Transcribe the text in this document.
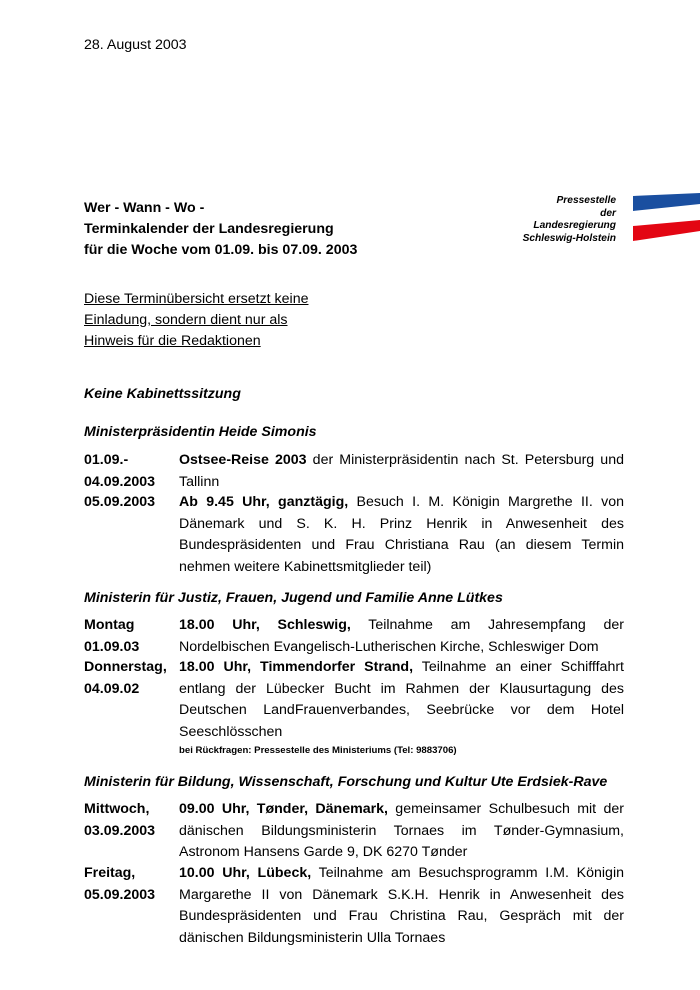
28. August 2003
Wer - Wann - Wo -
Terminkalender der Landesregierung
für die Woche vom 01.09. bis 07.09. 2003
Pressestelle
der
Landesregierung
Schleswig-Holstein
Diese Terminübersicht ersetzt keine
Einladung, sondern dient nur als
Hinweis für die Redaktionen
Keine Kabinettssitzung
Ministerpräsidentin Heide Simonis
01.09.-
04.09.2003
Ostsee-Reise 2003 der Ministerpräsidentin nach St. Petersburg und Tallinn
05.09.2003 Ab 9.45 Uhr, ganztägig, Besuch I. M. Königin Margrethe II. von Dänemark und S. K. H. Prinz Henrik in Anwesenheit des Bundespräsidenten und Frau Christiana Rau (an diesem Termin nehmen weitere Kabinettsmitglieder teil)
Ministerin für Justiz, Frauen, Jugend und Familie Anne Lütkes
Montag
01.09.03
18.00 Uhr, Schleswig, Teilnahme am Jahresempfang der Nordelbischen Evangelisch-Lutherischen Kirche, Schleswiger Dom
Donnerstag,
04.09.02
18.00 Uhr, Timmendorfer Strand, Teilnahme an einer Schifffahrt entlang der Lübecker Bucht im Rahmen der Klausurtagung des Deutschen LandFrauenverbandes, Seebrücke vor dem Hotel Seeschlösschen
bei Rückfragen: Pressestelle des Ministeriums (Tel: 9883706)
Ministerin für Bildung, Wissenschaft, Forschung und Kultur Ute Erdsiek-Rave
Mittwoch,
03.09.2003
09.00 Uhr, Tønder, Dänemark, gemeinsamer Schulbesuch mit der dänischen Bildungsministerin Tornaes im Tønder-Gymnasium, Astronom Hansens Garde 9, DK 6270 Tønder
Freitag,
05.09.2003
10.00 Uhr, Lübeck, Teilnahme am Besuchsprogramm I.M. Königin Margarethe II von Dänemark S.K.H. Henrik in Anwesenheit des Bundespräsidenten und Frau Christina Rau, Gespräch mit der dänischen Bildungsministerin Ulla Tornaes
